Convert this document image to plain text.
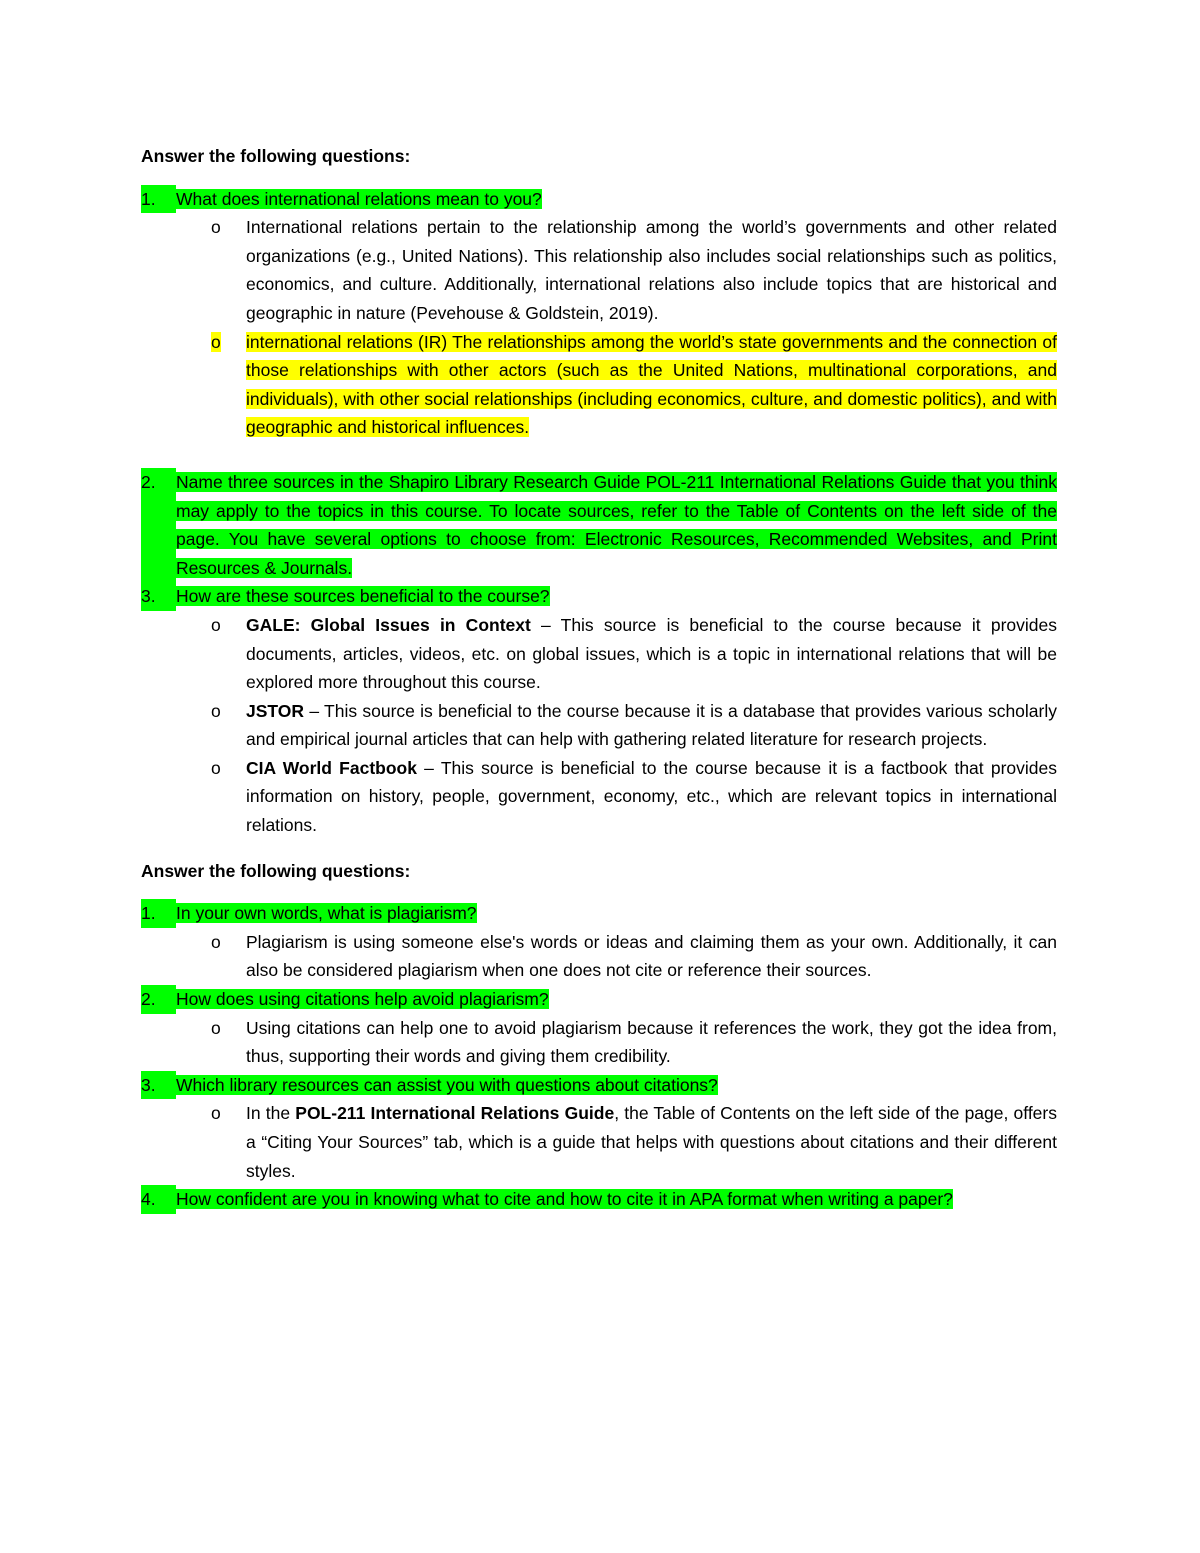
Answer the following questions:

1.	What does international relations mean to you?
o	International relations pertain to the relationship among the world’s governments and other related organizations (e.g., United Nations). This relationship also includes social relationships such as politics, economics, and culture. Additionally, international relations also include topics that are historical and geographic in nature (Pevehouse & Goldstein, 2019).
o	international relations (IR) The relationships among the world’s state governments and the connection of those relationships with other actors (such as the United Nations, multinational corporations, and individuals), with other social relationships (including economics, culture, and domestic politics), and with geographic and historical influences.
2.	Name three sources in the Shapiro Library Research Guide POL-211 International Relations Guide that you think may apply to the topics in this course. To locate sources, refer to the Table of Contents on the left side of the page. You have several options to choose from: Electronic Resources, Recommended Websites, and Print Resources & Journals.
3.	How are these sources beneficial to the course?
o	GALE: Global Issues in Context – This source is beneficial to the course because it provides documents, articles, videos, etc. on global issues, which is a topic in international relations that will be explored more throughout this course.
o	JSTOR – This source is beneficial to the course because it is a database that provides various scholarly and empirical journal articles that can help with gathering related literature for research projects.
o	CIA World Factbook – This source is beneficial to the course because it is a factbook that provides information on history, people, government, economy, etc., which are relevant topics in international relations.

Answer the following questions:

1.	In your own words, what is plagiarism?
o	Plagiarism is using someone else's words or ideas and claiming them as your own. Additionally, it can also be considered plagiarism when one does not cite or reference their sources.
2.	How does using citations help avoid plagiarism?
o	Using citations can help one to avoid plagiarism because it references the work, they got the idea from, thus, supporting their words and giving them credibility.
3.	Which library resources can assist you with questions about citations?
o	In the POL-211 International Relations Guide, the Table of Contents on the left side of the page, offers a “Citing Your Sources” tab, which is a guide that helps with questions about citations and their different styles.
4.	How confident are you in knowing what to cite and how to cite it in APA format when writing a paper?
